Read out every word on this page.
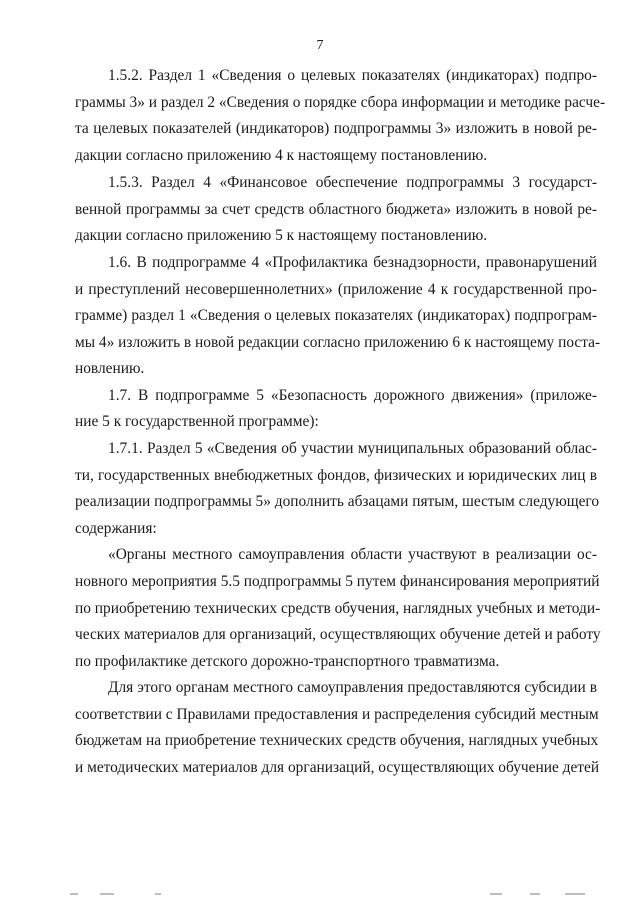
7
1.5.2. Раздел 1 «Сведения о целевых показателях (индикаторах) подпро-
граммы 3» и раздел 2 «Сведения о порядке сбора информации и методике расче-
та целевых показателей (индикаторов) подпрограммы 3» изложить в новой ре-
дакции согласно приложению 4 к настоящему постановлению.
1.5.3. Раздел 4 «Финансовое обеспечение подпрограммы 3 государст-
венной программы за счет средств областного бюджета» изложить в новой ре-
дакции согласно приложению 5 к настоящему постановлению.
1.6. В подпрограмме 4 «Профилактика безнадзорности, правонарушений
и преступлений несовершеннолетних» (приложение 4 к государственной про-
грамме) раздел 1 «Сведения о целевых показателях (индикаторах) подпрограм-
мы 4» изложить в новой редакции согласно приложению 6 к настоящему поста-
новлению.
1.7. В подпрограмме 5 «Безопасность дорожного движения» (приложе-
ние 5 к государственной программе):
1.7.1. Раздел 5 «Сведения об участии муниципальных образований облас-
ти, государственных внебюджетных фондов, физических и юридических лиц в
реализации подпрограммы 5» дополнить абзацами пятым, шестым следующего
содержания:
«Органы местного самоуправления области участвуют в реализации ос-
новного мероприятия 5.5 подпрограммы 5 путем финансирования мероприятий
по приобретению технических средств обучения, наглядных учебных и методи-
ческих материалов для организаций, осуществляющих обучение детей и работу
по профилактике детского дорожно-транспортного травматизма.
Для этого органам местного самоуправления предоставляются субсидии в
соответствии с Правилами предоставления и распределения субсидий местным
бюджетам на приобретение технических средств обучения, наглядных учебных
и методических материалов для организаций, осуществляющих обучение детей
